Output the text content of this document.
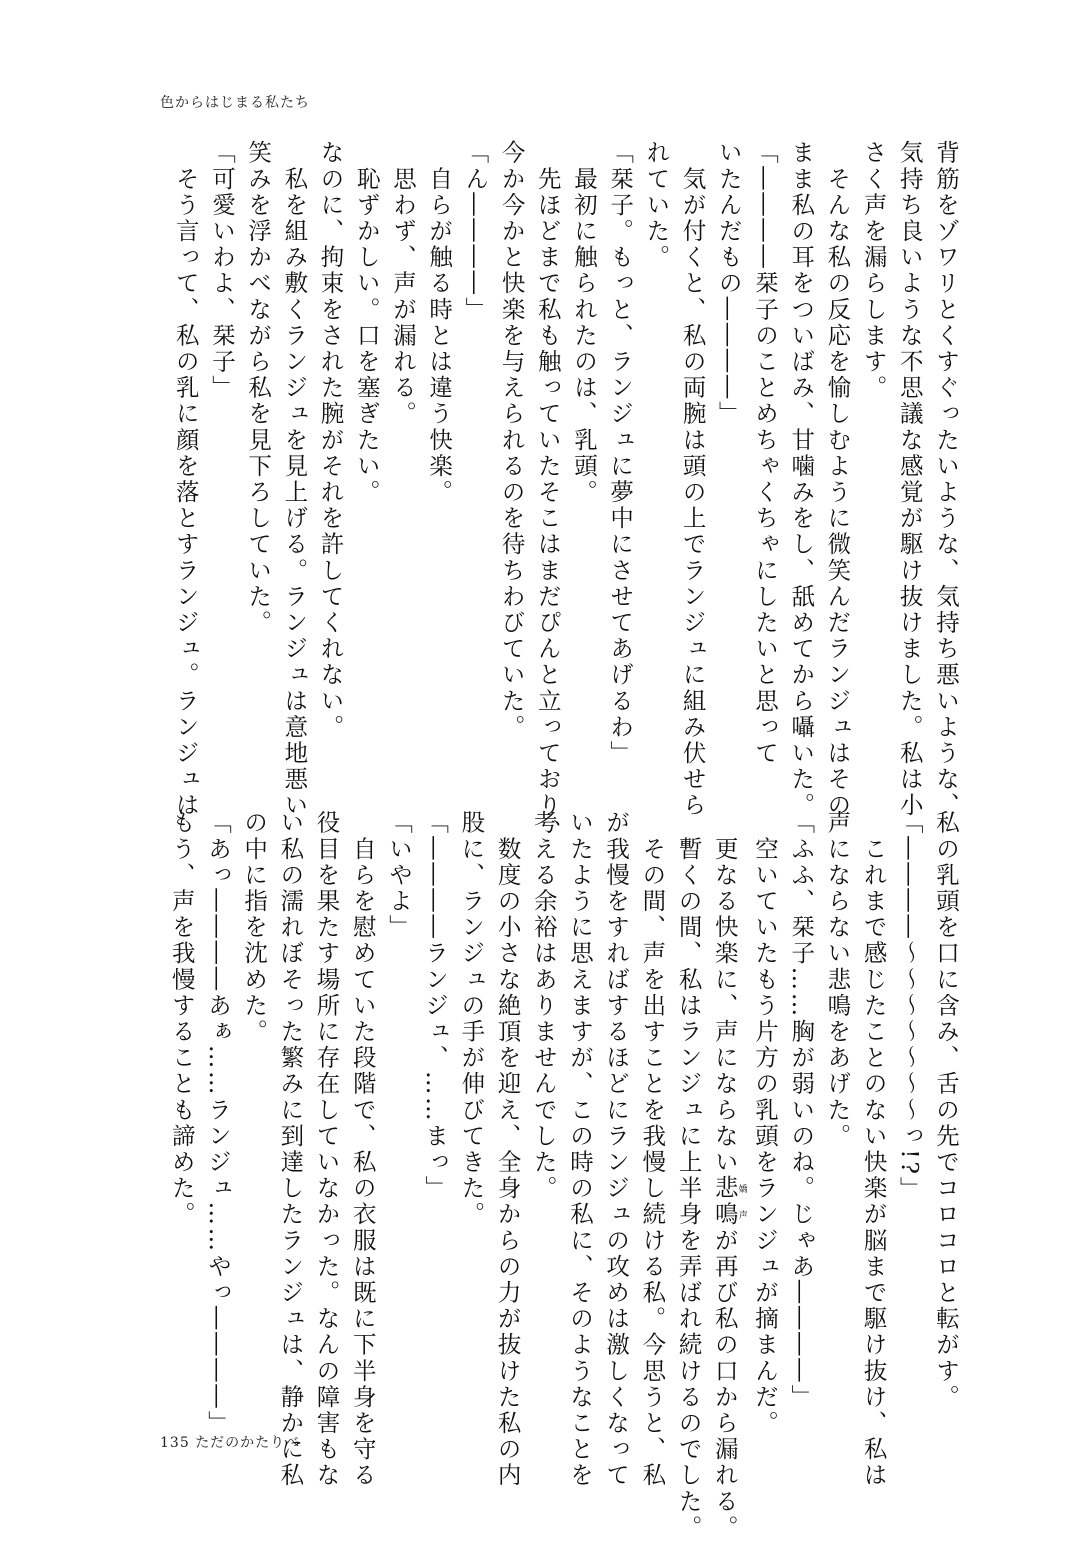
色からはじまる私たち
背筋をゾワリとくすぐったいような、気持ち悪いような、
気持ち良いような不思議な感覚が駆け抜けました。私は小
さく声を漏らします。
　そんな私の反応を愉しむように微笑んだランジュはその
まま私の耳をついばみ、甘噛みをし、舐めてから囁いた。
「――――栞子のことめちゃくちゃにしたいと思って
いたんだもの――――」
　気が付くと、私の両腕は頭の上でランジュに組み伏せら
れていた。
「栞子。もっと、ランジュに夢中にさせてあげるわ」
　最初に触られたのは、乳頭。
　先ほどまで私も触っていたそこはまだぴんと立っており、
今か今かと快楽を与えられるのを待ちわびていた。
「ん――――」
　自らが触る時とは違う快楽。
　思わず、声が漏れる。
　恥ずかしい。口を塞ぎたい。
なのに、拘束をされた腕がそれを許してくれない。
　私を組み敷くランジュを見上げる。ランジュは意地悪い
笑みを浮かべながら私を見下ろしていた。
「可愛いわよ、栞子」
　そう言って、私の乳に顔を落とすランジュ。ランジュは
私の乳頭を口に含み、舌の先でコロコロと転がす。
「――――〜〜〜〜〜〜〜っ!?」
　これまで感じたことのない快楽が脳まで駆け抜け、私は
声にならない悲鳴をあげた。
「ふふ、栞子……胸が弱いのね。じゃあ――――」
　空いていたもう片方の乳頭をランジュが摘まんだ。
　更なる快楽に、声にならない悲鳴嬌声が再び私の口から漏れる。
　暫くの間、私はランジュに上半身を弄ばれ続けるのでした。
　その間、声を出すことを我慢し続ける私。今思うと、私
が我慢をすればするほどにランジュの攻めは激しくなって
いたように思えますが、この時の私に、そのようなことを
考える余裕はありませんでした。
　数度の小さな絶頂を迎え、全身からの力が抜けた私の内
股に、ランジュの手が伸びてきた。
「――――ランジュ、……まっ」
「いやよ」
　自らを慰めていた段階で、私の衣服は既に下半身を守る
役目を果たす場所に存在していなかった。なんの障害もな
い私の濡れぼそった繁みに到達したランジュは、静かに私
の中に指を沈めた。
「あっ――――あぁ……ランジュ……やっ――――」
もう、声を我慢することも諦めた。
135 ただのかたりべ
